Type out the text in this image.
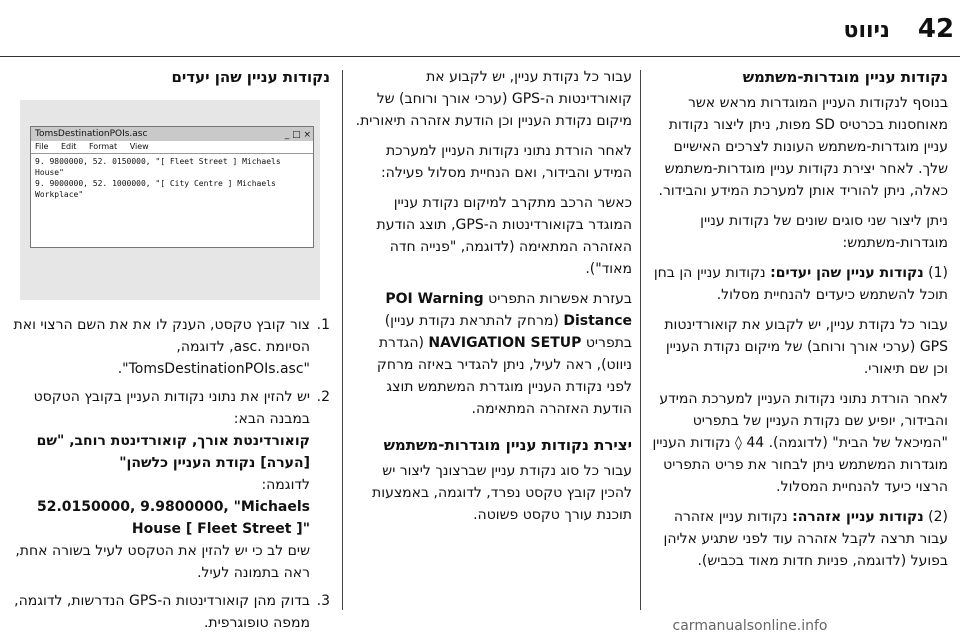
42
ניווט
נקודות עניין מוגדרות-משתמש

בנוסף לנקודות העניין המוגדרות מראש אשר מאוחסנות בכרטיס SD מפות, ניתן ליצור נקודות עניין מוגדרות-משתמש העונות לצרכים האישיים שלך. לאחר יצירת נקודות עניין מוגדרות-משתמש כאלה, ניתן להוריד אותן למערכת המידע והבידור.

ניתן ליצור שני סוגים שונים של נקודות עניין מוגדרות-משתמש:

(1) נקודות עניין שהן יעדים: נקודות עניין הן בחן תוכל להשתמש כיעדים להנחיית מסלול.

עבור כל נקודת עניין, יש לקבוע את קואורדינטות GPS (ערכי אורך ורוחב) של מיקום נקודת העניין וכן שם תיאורי.

לאחר הורדת נתוני נקודות העניין למערכת המידע והבידור, יופיע שם נקודת העניין של בתפריט "המיכאל של הבית" (לדוגמה). 44 ◊ נקודות העניין מוגדרות המשתמש ניתן לבחור את פריט התפריט הרצוי כיעד להנחיית המסלול.

(2) נקודות עניין אזהרה: נקודות עניין אזהרה עבור תרצה לקבל אזהרה עוד לפני שתגיע אליהן בפועל (לדוגמה, פניות חדות מאוד בכביש).

עבור כל נקודת עניין, יש לקבוע את קואורדינטות ה-GPS (ערכי אורך ורוחב) של מיקום נקודת העניין וכן הודעת אזהרה תיאורית.

לאחר הורדת נתוני נקודות העניין למערכת המידע והבידור, ואם הנחיית מסלול פעילה:

כאשר הרכב מתקרב למיקום נקודת עניין המוגדר בקואורדינטות ה-GPS, תוצג הודעת האזהרה המתאימה (לדוגמה, "פנייה חדה מאוד").

בעזרת אפשרות התפריט POI Warning Distance (מרחק להתראת נקודת עניין) בתפריט NAVIGATION SETUP (הגדרת ניווט), ראה לעיל, ניתן להגדיר באיזה מרחק לפני נקודת העניין מוגדרת המשתמש תוצג הודעת האזהרה המתאימה.

יצירת נקודות עניין מוגדרות-משתמש

עבור כל סוג נקודת עניין שברצונך ליצור יש להכין קובץ טקסט נפרד, לדוגמה, באמצעות תוכנת עורך טקסט פשוטה.

נקודות עניין שהן יעדים
TomsDestinationPOIs.asc	_ □ ×
File Edit Format View
9. 9800000, 52. 0150000, "[ Fleet Street ] Michaels House"
9. 9000000, 52. 1000000, "[ City Centre ] Michaels Workplace"
1.
צור קובץ טקסט, הענק לו את את השם הרצוי ואת הסיומת .asc, לדוגמה, "TomsDestinationPOIs.asc".
2.
יש להזין את נתוני נקודות העניין בקובץ הטקסט במבנה הבא:
קואורדינטת אורך, קואורדינטת רוחב, "שם [הערה] נקודת העניין כלשהן"
לדוגמה:
52.0150000, 9.9800000, "Michaels House [ Fleet Street ]"
שים לב כי יש להזין את הטקסט לעיל בשורה אחת, ראה בתמונה לעיל.
3.
בדוק מהן קואורדינטות ה-GPS הנדרשות, לדוגמה, ממפה טופוגרפית.	carmanualsonline.info
